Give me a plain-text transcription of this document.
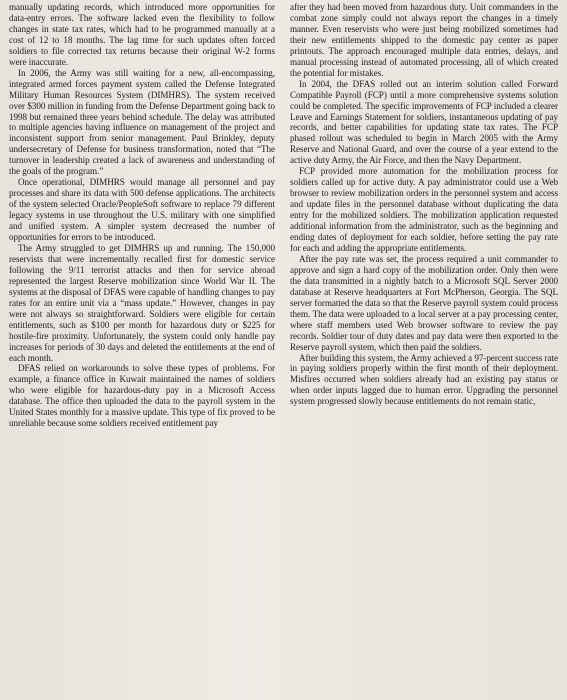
manually updating records, which introduced more opportunities for data-entry errors. The software lacked even the flexibility to follow changes in state tax rates, which had to be programmed manually at a cost of 12 to 18 months. The lag time for such updates often forced soldiers to file corrected tax returns because their original W-2 forms were inaccurate.

In 2006, the Army was still waiting for a new, all-encompassing, integrated armed forces payment system called the Defense Integrated Military Human Resources System (DIMHRS). The system received over $300 million in funding from the Defense Department going back to 1998 but remained three years behind schedule. The delay was attributed to multiple agencies having influence on management of the project and inconsistent support from senior management. Paul Brinkley, deputy undersecretary of Defense for business transformation, noted that “The turnover in leadership created a lack of awareness and understanding of the goals of the program.”

Once operational, DIMHRS would manage all personnel and pay processes and share its data with 500 defense applications. The architects of the system selected Oracle/PeopleSoft software to replace 79 different legacy systems in use throughout the U.S. military with one simplified and unified system. A simpler system decreased the number of opportunities for errors to be introduced.

The Army struggled to get DIMHRS up and running. The 150,000 reservists that were incrementally recalled first for domestic service following the 9/11 terrorist attacks and then for service abroad represented the largest Reserve mobilization since World War II. The systems at the disposal of DFAS were capable of handling changes to pay rates for an entire unit via a “mass update.” However, changes in pay were not always so straightforward. Soldiers were eligible for certain entitlements, such as $100 per month for hazardous duty or $225 for hostile-fire proximity. Unfortunately, the system could only handle pay increases for periods of 30 days and deleted the entitlements at the end of each month.

DFAS relied on workarounds to solve these types of problems. For example, a finance office in Kuwait maintained the names of soldiers who were eligible for hazardous-duty pay in a Microsoft Access database. The office then uploaded the data to the payroll system in the United States monthly for a massive update. This type of fix proved to be unreliable because some soldiers received entitlement pay

after they had been moved from hazardous duty. Unit commanders in the combat zone simply could not always report the changes in a timely manner. Even reservists who were just being mobilized sometimes had their new entitlements shipped to the domestic pay center as paper printouts. The approach encouraged multiple data entries, delays, and manual processing instead of automated processing, all of which created the potential for mistakes.

In 2004, the DFAS rolled out an interim solution called Forward Compatible Payroll (FCP) until a more comprehensive systems solution could be completed. The specific improvements of FCP included a clearer Leave and Earnings Statement for soldiers, instantaneous updating of pay records, and better capabilities for updating state tax rates. The FCP phased rollout was scheduled to begin in March 2005 with the Army Reserve and National Guard, and over the course of a year extend to the active duty Army, the Air Force, and then the Navy Department.

FCP provided more automation for the mobilization process for soldiers called up for active duty. A pay administrator could use a Web browser to review mobilization orders in the personnel system and access and update files in the personnel database without duplicating the data entry for the mobilized soldiers. The mobilization application requested additional information from the administrator, such as the beginning and ending dates of deployment for each soldier, before setting the pay rate for each and adding the appropriate entitlements.

After the pay rate was set, the process required a unit commander to approve and sign a hard copy of the mobilization order. Only then were the data transmitted in a nightly batch to a Microsoft SQL Server 2000 database at Reserve headquarters at Fort McPherson, Georgia. The SQL server formatted the data so that the Reserve payroll system could process them. The data were uploaded to a local server at a pay processing center, where staff members used Web browser software to review the pay records. Soldier tour of duty dates and pay data were then exported to the Reserve payroll system, which then paid the soldiers.

After building this system, the Army achieved a 97-percent success rate in paying soldiers properly within the first month of their deployment. Misfires occurred when soldiers already had an existing pay status or when order inputs lagged due to human error. Upgrading the personnel system progressed slowly because entitlements do not remain static,
